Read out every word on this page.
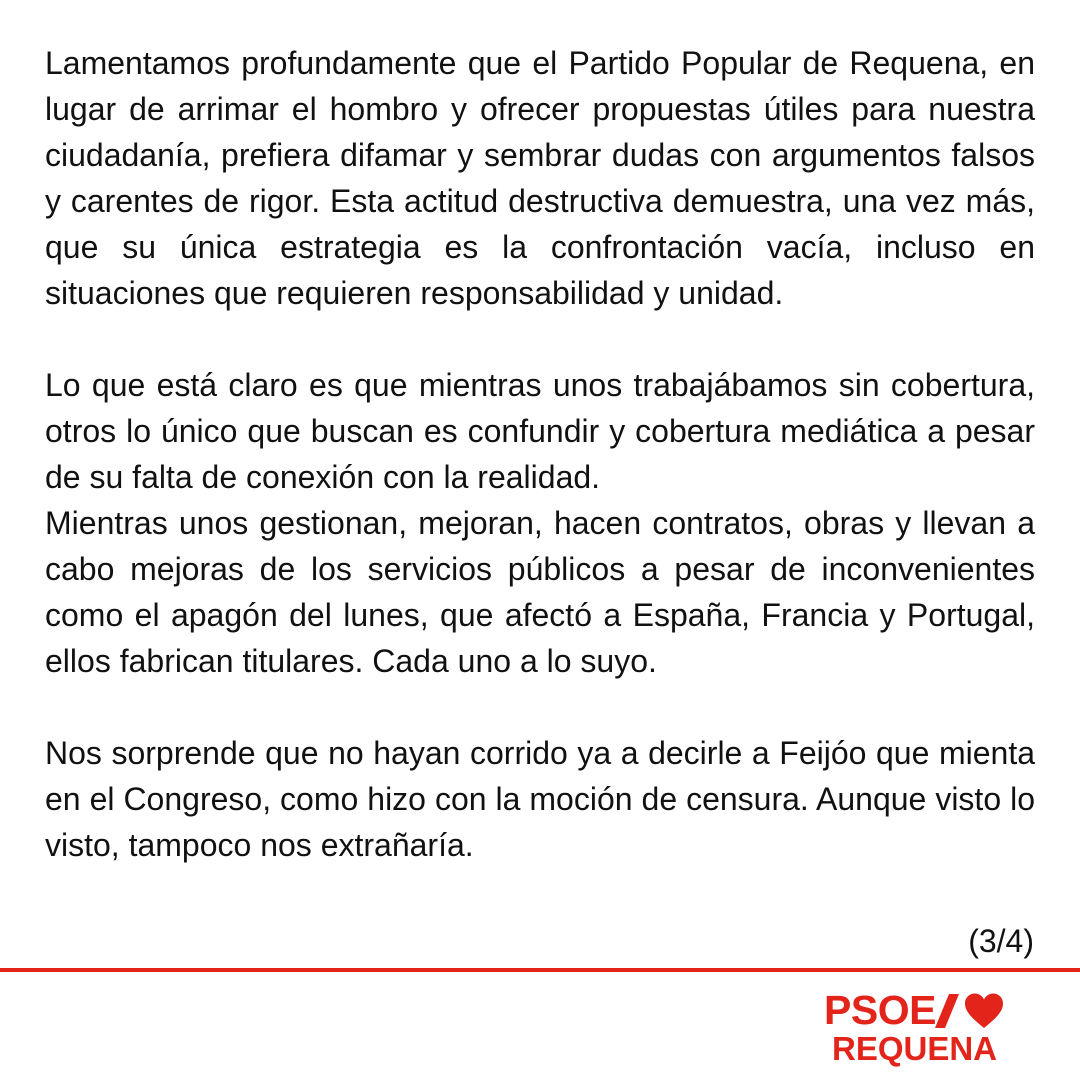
Lamentamos profundamente que el Partido Popular de Requena, en lugar de arrimar el hombro y ofrecer propuestas útiles para nuestra ciudadanía, prefiera difamar y sembrar dudas con argumentos falsos y carentes de rigor. Esta actitud destructiva demuestra, una vez más, que su única estrategia es la confrontación vacía, incluso en situaciones que requieren responsabilidad y unidad.

Lo que está claro es que mientras unos trabajábamos sin cobertura, otros lo único que buscan es confundir y cobertura mediática a pesar de su falta de conexión con la realidad.

Mientras unos gestionan, mejoran, hacen contratos, obras y llevan a cabo mejoras de los servicios públicos a pesar de inconvenientes como el apagón del lunes, que afectó a España, Francia y Portugal, ellos fabrican titulares. Cada uno a lo suyo.

Nos sorprende que no hayan corrido ya a decirle a Feijóo que mienta en el Congreso, como hizo con la moción de censura. Aunque visto lo visto, tampoco nos extrañaría.

(3/4)
PSOE
REQUENA
